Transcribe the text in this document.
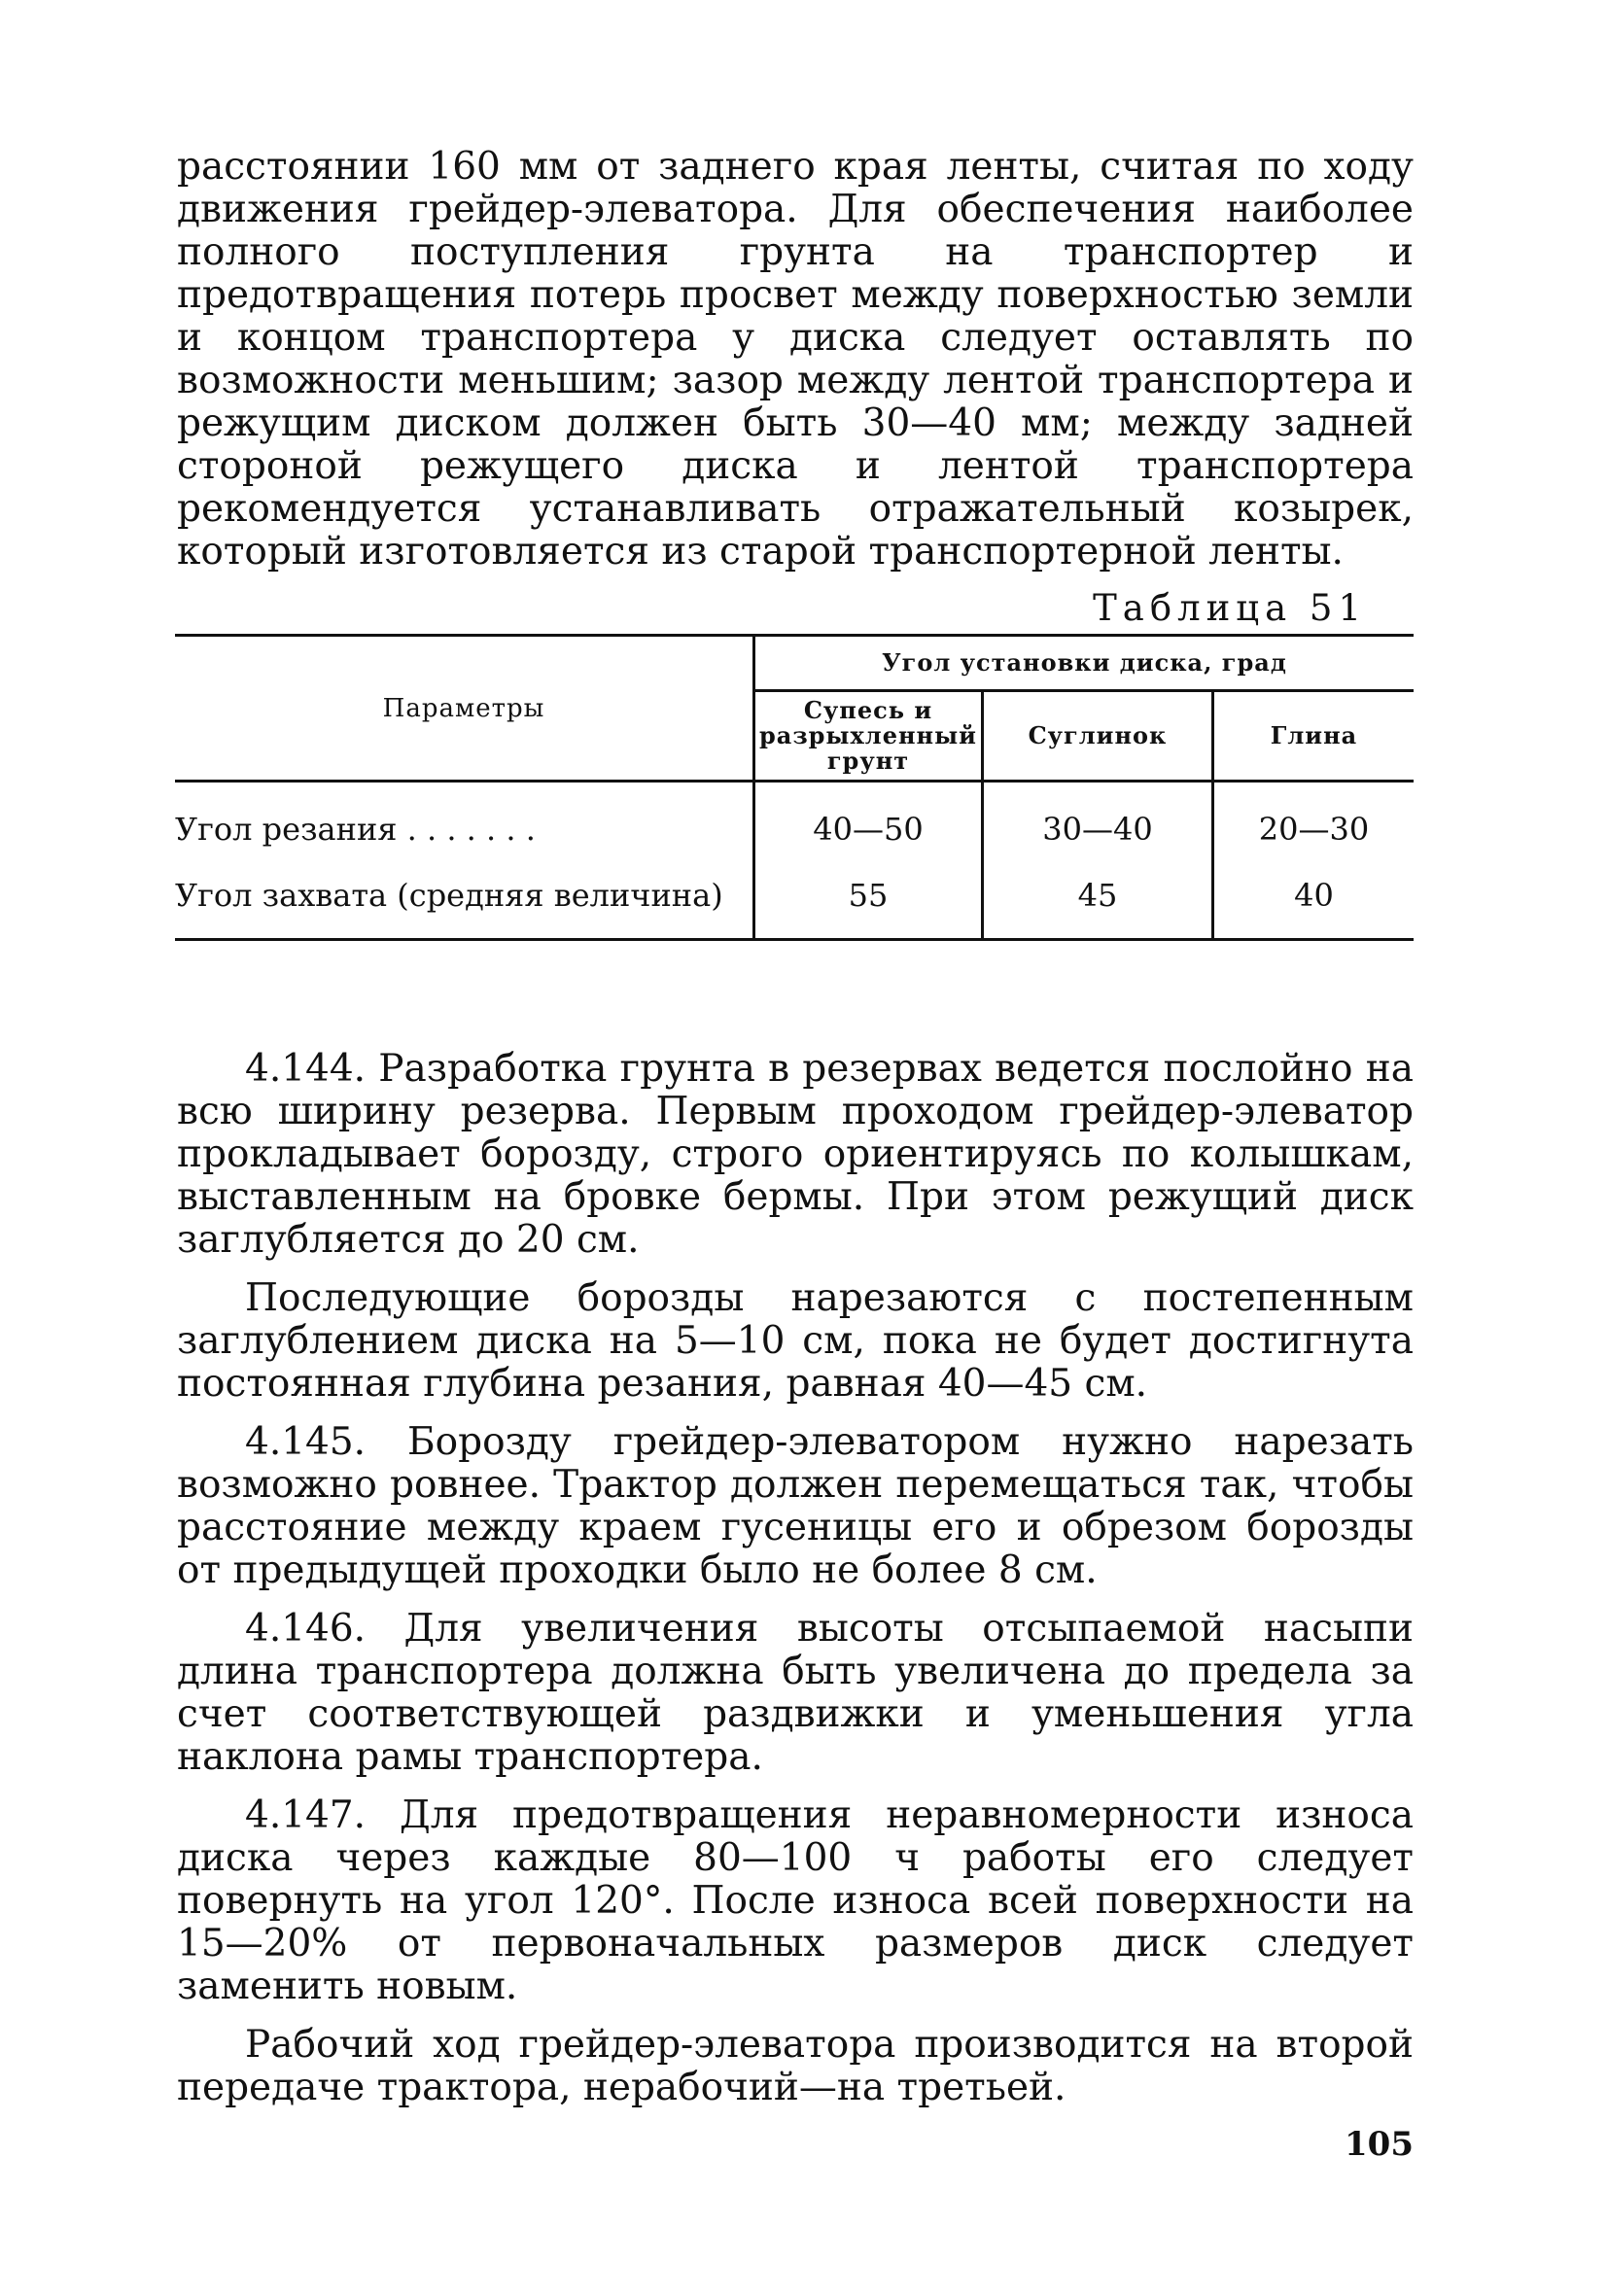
расстоянии 160 мм от заднего края ленты, считая по ходу движения грейдер-элеватора. Для обеспечения наиболее полного поступления грунта на транспортер и предотвращения потерь просвет между поверхностью земли и концом транспортера у диска следует оставлять по возможности меньшим; зазор между лентой транспортера и режущим диском должен быть 30—40 мм; между задней стороной режущего диска и лентой транспортера рекомендуется устанавливать отражательный козырек, который изготовляется из старой транспортерной ленты.

Таблица 51
Параметры	Угол установки диска, град		
	Супесь и разрыхленный грунт	Суглинок	Глина
Угол резания . . . . . . .	40—50	30—40	20—30
Угол захвата (средняя величина)	55	45	40

4.144. Разработка грунта в резервах ведется послойно на всю ширину резерва. Первым проходом грейдер-элеватор прокладывает борозду, строго ориентируясь по колышкам, выставленным на бровке бермы. При этом режущий диск заглубляется до 20 см.

Последующие борозды нарезаются с постепенным заглублением диска на 5—10 см, пока не будет достигнута постоянная глубина резания, равная 40—45 см.

4.145. Борозду грейдер-элеватором нужно нарезать возможно ровнее. Трактор должен перемещаться так, чтобы расстояние между краем гусеницы его и обрезом борозды от предыдущей проходки было не более 8 см.

4.146. Для увеличения высоты отсыпаемой насыпи длина транспортера должна быть увеличена до предела за счет соответствующей раздвижки и уменьшения угла наклона рамы транспортера.

4.147. Для предотвращения неравномерности износа диска через каждые 80—100 ч работы его следует повернуть на угол 120°. После износа всей поверхности на 15—20% от первоначальных размеров диск следует заменить новым.

Рабочий ход грейдер-элеватора производится на второй передаче трактора, нерабочий—на третьей.

105
